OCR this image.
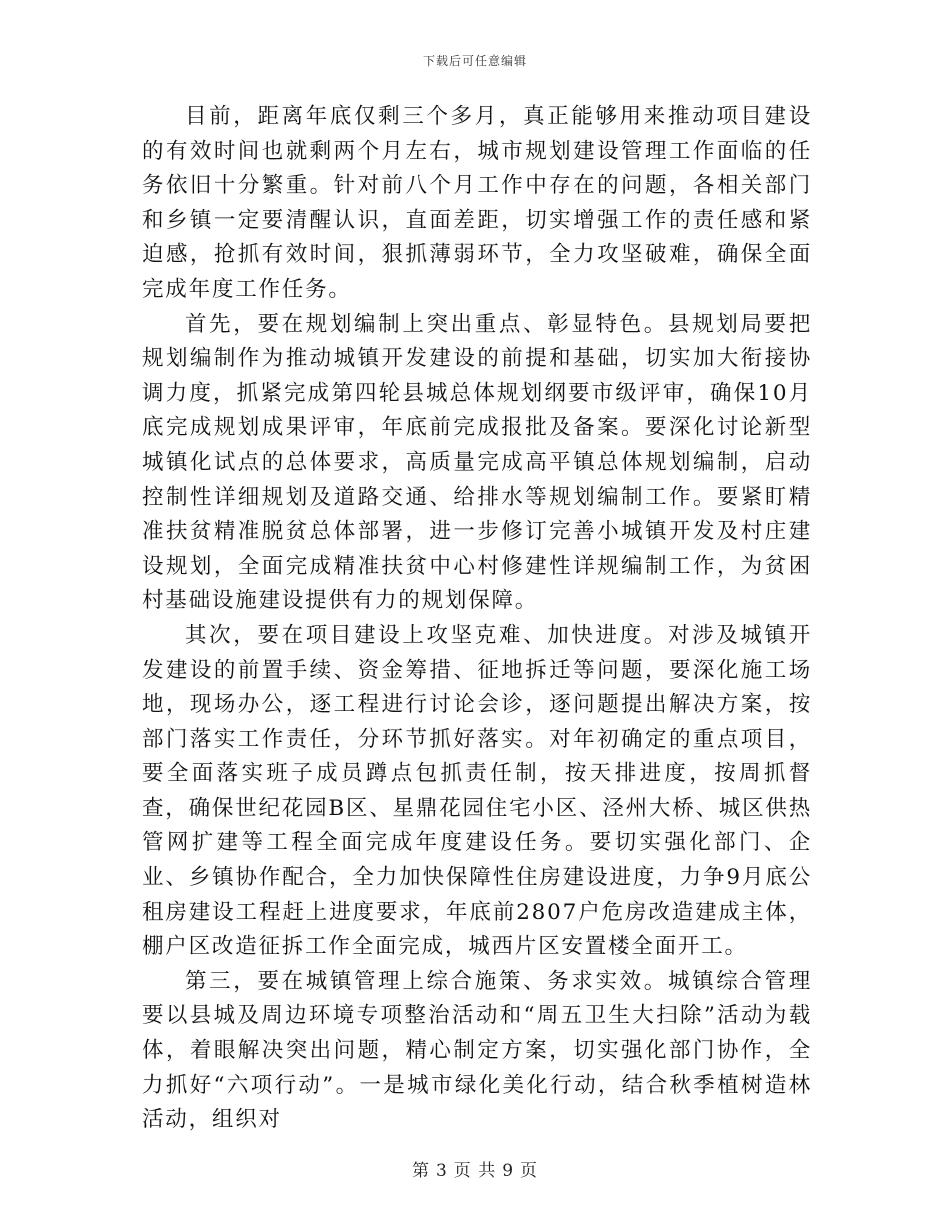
下载后可任意编辑

目前，距离年底仅剩三个多月，真正能够用来推动项目建设的有效时间也就剩两个月左右，城市规划建设管理工作面临的任务依旧十分繁重。针对前八个月工作中存在的问题，各相关部门和乡镇一定要清醒认识，直面差距，切实增强工作的责任感和紧迫感，抢抓有效时间，狠抓薄弱环节，全力攻坚破难，确保全面完成年度工作任务。

首先，要在规划编制上突出重点、彰显特色。县规划局要把规划编制作为推动城镇开发建设的前提和基础，切实加大衔接协调力度，抓紧完成第四轮县城总体规划纲要市级评审，确保10月底完成规划成果评审，年底前完成报批及备案。要深化讨论新型城镇化试点的总体要求，高质量完成高平镇总体规划编制，启动控制性详细规划及道路交通、给排水等规划编制工作。要紧盯精准扶贫精准脱贫总体部署，进一步修订完善小城镇开发及村庄建设规划，全面完成精准扶贫中心村修建性详规编制工作，为贫困村基础设施建设提供有力的规划保障。

其次，要在项目建设上攻坚克难、加快进度。对涉及城镇开发建设的前置手续、资金筹措、征地拆迁等问题，要深化施工场地，现场办公，逐工程进行讨论会诊，逐问题提出解决方案，按部门落实工作责任，分环节抓好落实。对年初确定的重点项目，要全面落实班子成员蹲点包抓责任制，按天排进度，按周抓督查，确保世纪花园B区、星鼎花园住宅小区、泾州大桥、城区供热管网扩建等工程全面完成年度建设任务。要切实强化部门、企业、乡镇协作配合，全力加快保障性住房建设进度，力争9月底公租房建设工程赶上进度要求，年底前2807户危房改造建成主体，棚户区改造征拆工作全面完成，城西片区安置楼全面开工。

第三，要在城镇管理上综合施策、务求实效。城镇综合管理要以县城及周边环境专项整治活动和“周五卫生大扫除”活动为载体，着眼解决突出问题，精心制定方案，切实强化部门协作，全力抓好“六项行动”。一是城市绿化美化行动，结合秋季植树造林活动，组织对

第 3 页 共 9 页
